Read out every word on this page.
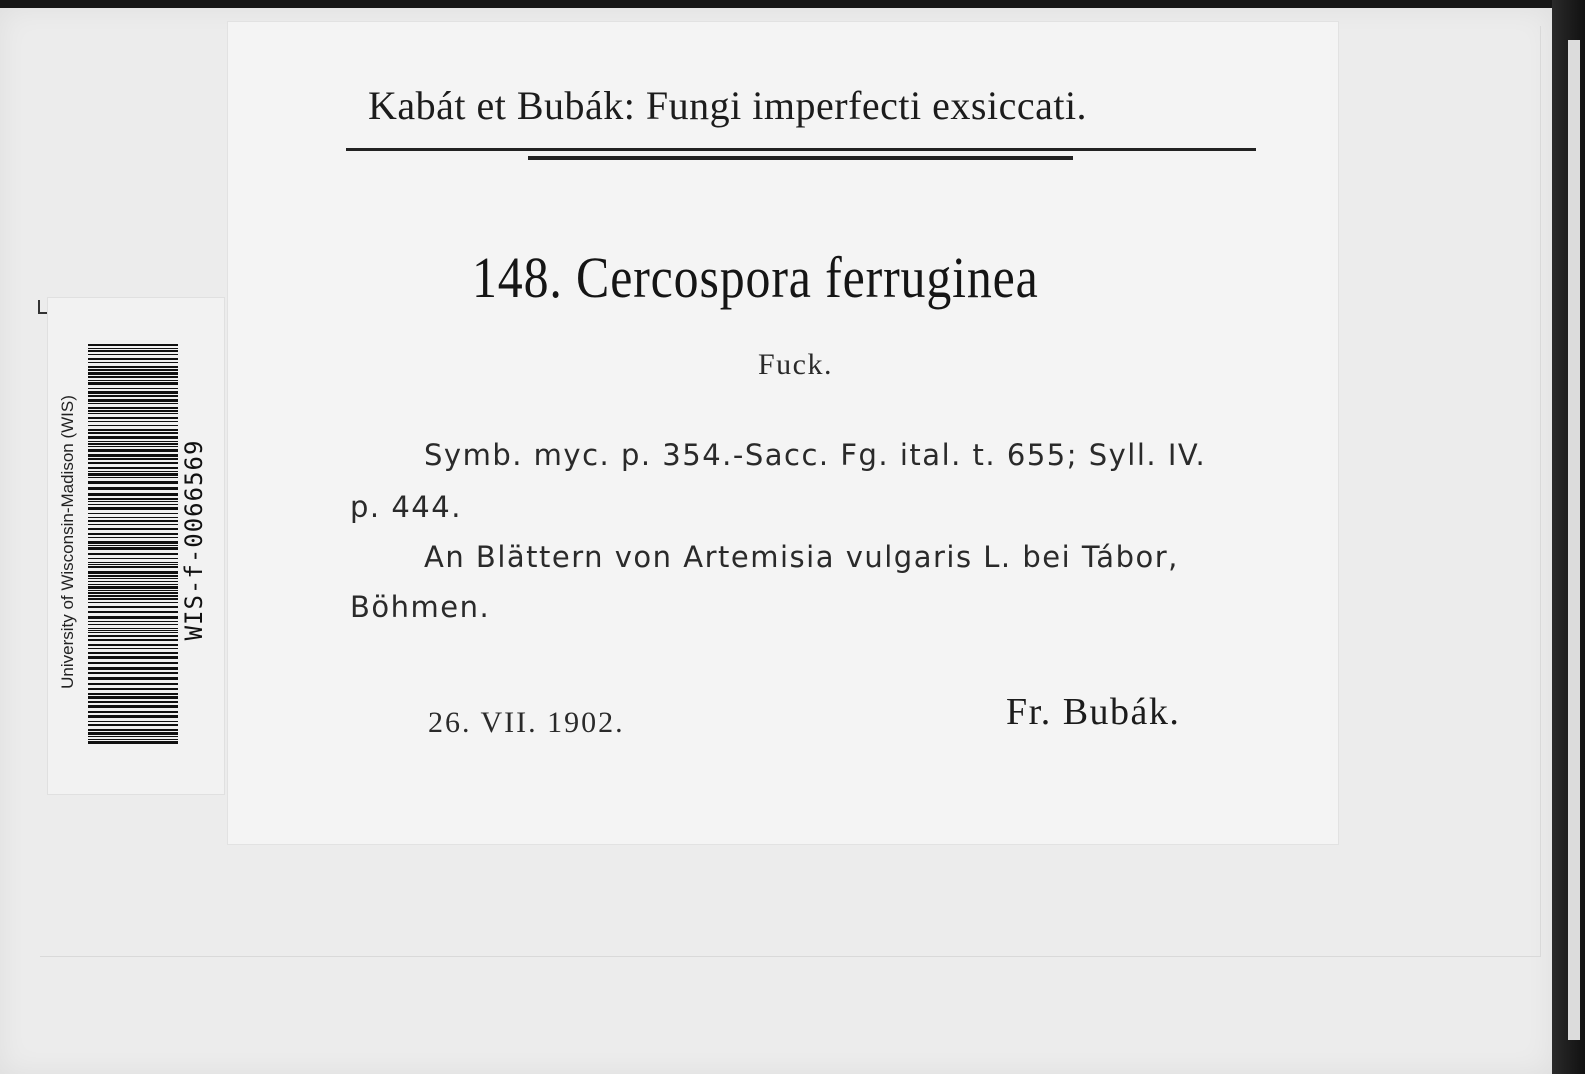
Kabát et Bubák: Fungi imperfecti exsiccati.
148. Cercospora ferruginea
Fuck.
Symb. myc. p. 354.-Sacc. Fg. ital. t. 655; Syll. IV.
p. 444.
An Blättern von Artemisia vulgaris L. bei Tábor,
Böhmen.
26. VII. 1902.	Fr. Bubák.
University of Wisconsin-Madison (WIS)	WIS-f-0066569
